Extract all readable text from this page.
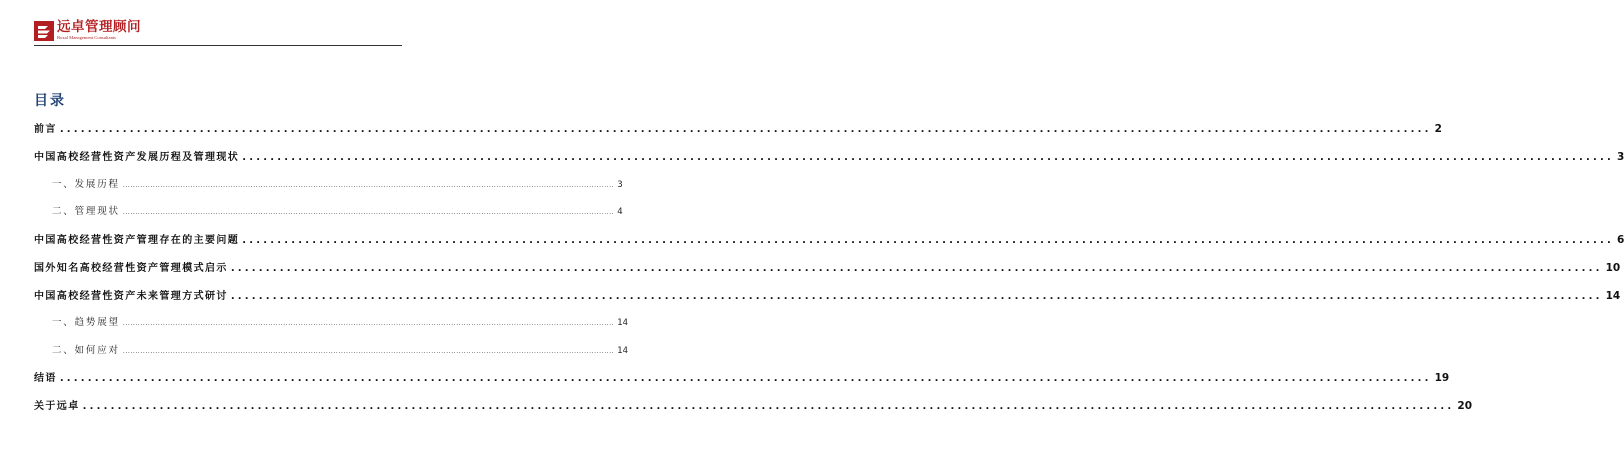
远卓管理顾问
Boxal Management Consultants
目录
前言 .................................................................................................................................................................................................... 2
中国高校经营性资产发展历程及管理现状 .................................................................................................................................................................................................... 3
一、发展历程 .................................................................................................................................................................................................... 3
二、管理现状 .................................................................................................................................................................................................... 4
中国高校经营性资产管理存在的主要问题 .................................................................................................................................................................................................... 6
国外知名高校经营性资产管理模式启示 .................................................................................................................................................................................................... 10
中国高校经营性资产未来管理方式研讨 .................................................................................................................................................................................................... 14
一、趋势展望 .................................................................................................................................................................................................... 14
二、如何应对 .................................................................................................................................................................................................... 14
结语 .................................................................................................................................................................................................... 19
关于远卓 .................................................................................................................................................................................................... 20
